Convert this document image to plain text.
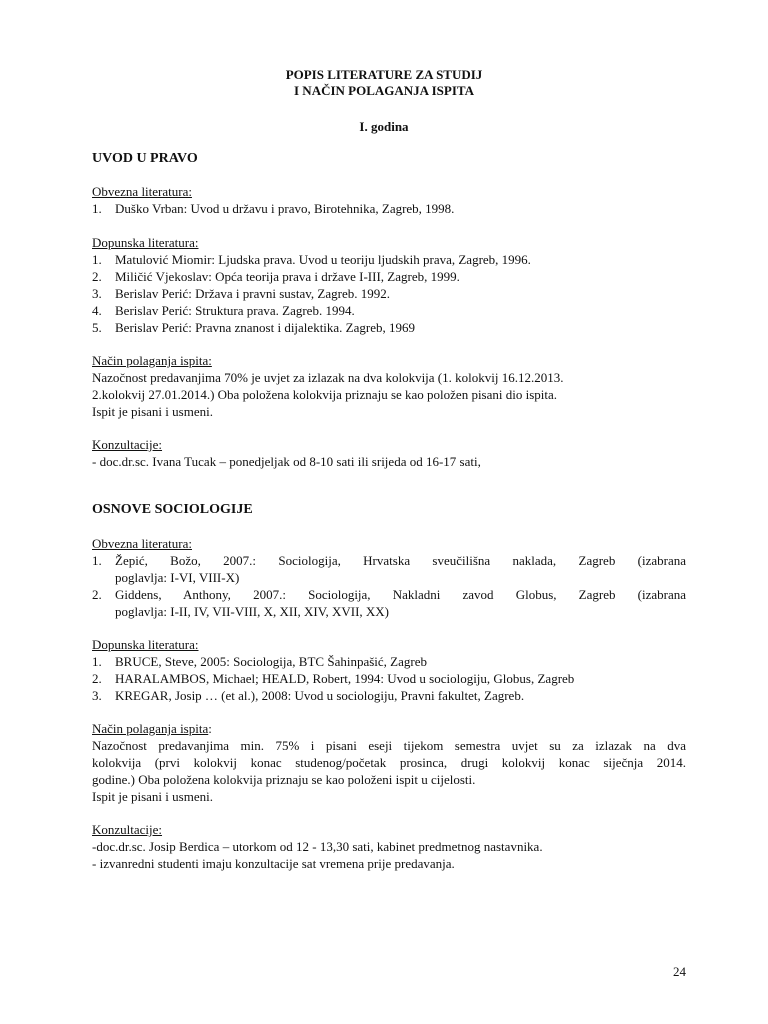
POPIS LITERATURE ZA STUDIJ
I NAČIN POLAGANJA ISPITA
I. godina
UVOD U PRAVO
Obvezna literatura:
1. Duško Vrban: Uvod u državu i pravo, Birotehnika, Zagreb, 1998.
Dopunska literatura:
1. Matulović Miomir: Ljudska prava. Uvod u teoriju ljudskih prava, Zagreb, 1996.
2. Miličić Vjekoslav: Opća teorija prava i države I-III, Zagreb, 1999.
3. Berislav Perić: Država i pravni sustav, Zagreb. 1992.
4. Berislav Perić: Struktura prava. Zagreb. 1994.
5. Berislav Perić: Pravna znanost i dijalektika. Zagreb, 1969
Način polaganja ispita:
Nazočnost predavanjima 70% je uvjet za izlazak na dva kolokvija (1. kolokvij 16.12.2013.
2.kolokvij 27.01.2014.) Oba položena kolokvija priznaju se kao položen pisani dio ispita.
Ispit je pisani i usmeni.
Konzultacije:
- doc.dr.sc. Ivana Tucak – ponedjeljak od 8-10 sati ili srijeda od 16-17 sati,
OSNOVE SOCIOLOGIJE
Obvezna literatura:
1. Žepić, Božo, 2007.: Sociologija, Hrvatska sveučilišna naklada, Zagreb (izabrana
poglavlja: I-VI, VIII-X)
2. Giddens, Anthony, 2007.: Sociologija, Nakladni zavod Globus, Zagreb (izabrana
poglavlja: I-II, IV, VII-VIII, X, XII, XIV, XVII, XX)
Dopunska literatura:
1. BRUCE, Steve, 2005: Sociologija, BTC Šahinpašić, Zagreb
2. HARALAMBOS, Michael; HEALD, Robert, 1994: Uvod u sociologiju, Globus, Zagreb
3. KREGAR, Josip … (et al.), 2008: Uvod u sociologiju, Pravni fakultet, Zagreb.
Način polaganja ispita:
Nazočnost predavanjima min. 75% i pisani eseji tijekom semestra uvjet su za izlazak na dva
kolokvija (prvi kolokvij konac studenog/početak prosinca, drugi kolokvij konac siječnja 2014.
godine.) Oba položena kolokvija priznaju se kao položeni ispit u cijelosti.
Ispit je pisani i usmeni.
Konzultacije:
-doc.dr.sc. Josip Berdica – utorkom od 12 - 13,30 sati, kabinet predmetnog nastavnika.
- izvanredni studenti imaju konzultacije sat vremena prije predavanja.
24
